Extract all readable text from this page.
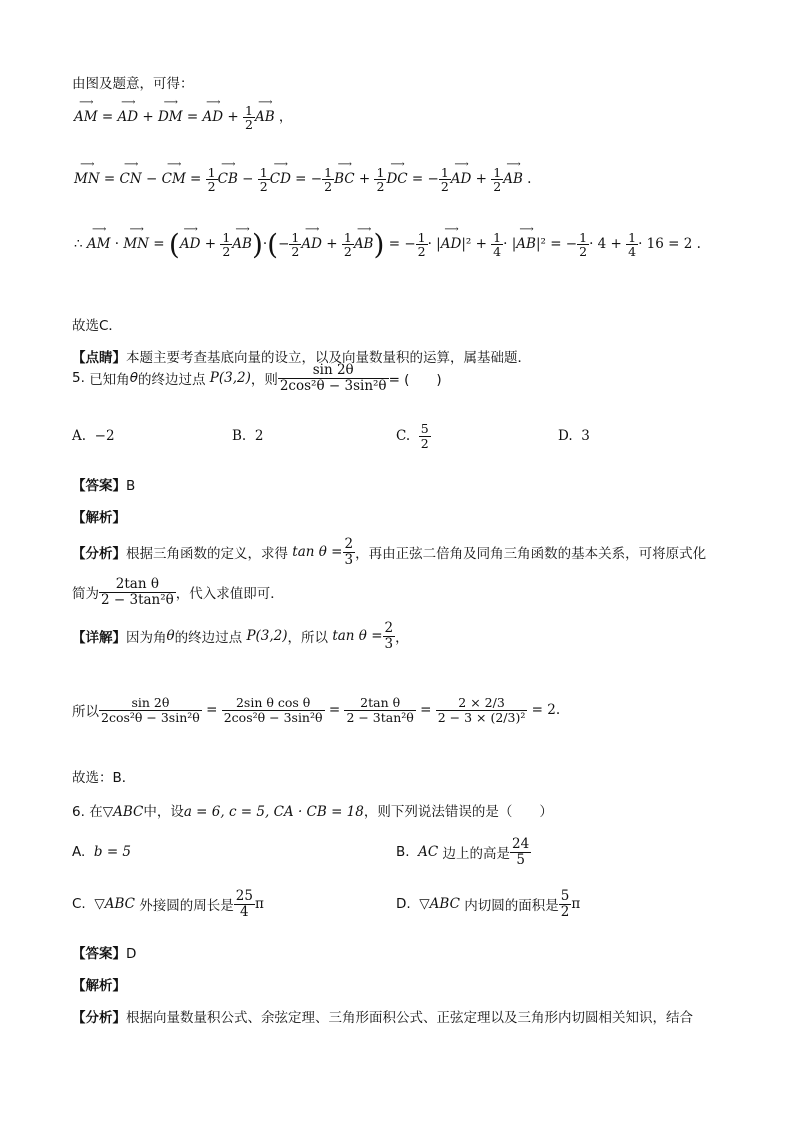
由图及题意，可得：
⟶ AM = ⟶ AD + ⟶ DM = ⟶ AD + $\frac{1}{2}$ ⟶ AB ，
⟶ MN = ⟶ CN − ⟶ CM = $\frac{1}{2}$ ⟶ CB − $\frac{1}{2}$ ⟶ CD = − $\frac{1}{2}$ ⟶ BC + $\frac{1}{2}$ ⟶ DC = − $\frac{1}{2}$ ⟶ AD + $\frac{1}{2}$ ⟶ AB .
∴ ⟶ AM · ⟶ MN = (⟶ AD + $\frac{1}{2}$ ⟶ $AB)\cdot(- \frac{1}{2}$ ⟶ AD + $\frac{1}{2}$ ⟶ AB) = − $\frac{1}{2}$ · |⟶ $AD|^2 + \frac{1}{4}$ · |⟶ AB|² = − $\frac{1}{2} \cdot 4 + \frac{1}{4} \cdot 16 = 2$ .
故选C．
【点睛】本题主要考查基底向量的设立，以及向量数量积的运算，属基础题．
5.
已知角 θ 的终边过点
P(3,2) ，则 $\frac{\sin 2\theta}{\text{2cos²θ − 3sin²θ}}$ = (　　)
A. −2	B. 2	C.
$\frac{5}{2}$	D. 3
【答案】B
【解析】
【分析】 根据三角函数的定义，求得
$\tan \theta = \frac{2}{3}$ ，再由正弦二倍角及同角三角函数的基本关系，可将原式化
简为 $\frac{\text{2tan θ}}{\text{2 − 3tan²θ}}$ ，代入求值即可．
【详解】 因为角 θ 的终边过点
P(3,2) ，所以
$\tan \theta = \frac{2}{3}$ ，
所以 $\frac{\sin 2\theta}{\text{2cos²θ − 3sin²θ}} = \frac{\text{2sin θ cos θ}}{\text{2cos²θ − 3sin²θ}} = \frac{\text{2tan θ}}{\text{2 − 3tan²θ}} = \frac{2 \times 2/3}{\text{2 − 3 × (2/3)²}}$
= 2.
故选：B．
6. 在▽ABC中，设a = 6, c = 5, CA · CB = 18，则下列说法错误的是（　　）
A. b = 5	B.
AC
边上的高是 $\frac{24}{5}$
C.
▽ABC
外接圆的周长是 $\frac{25}{4}$ π	D.
▽ABC
内切圆的面积是 $\frac{5}{2}$ π
【答案】D
【解析】
【分析】根据向量数量积公式、余弦定理、三角形面积公式、正弦定理以及三角形内切圆相关知识，结合
